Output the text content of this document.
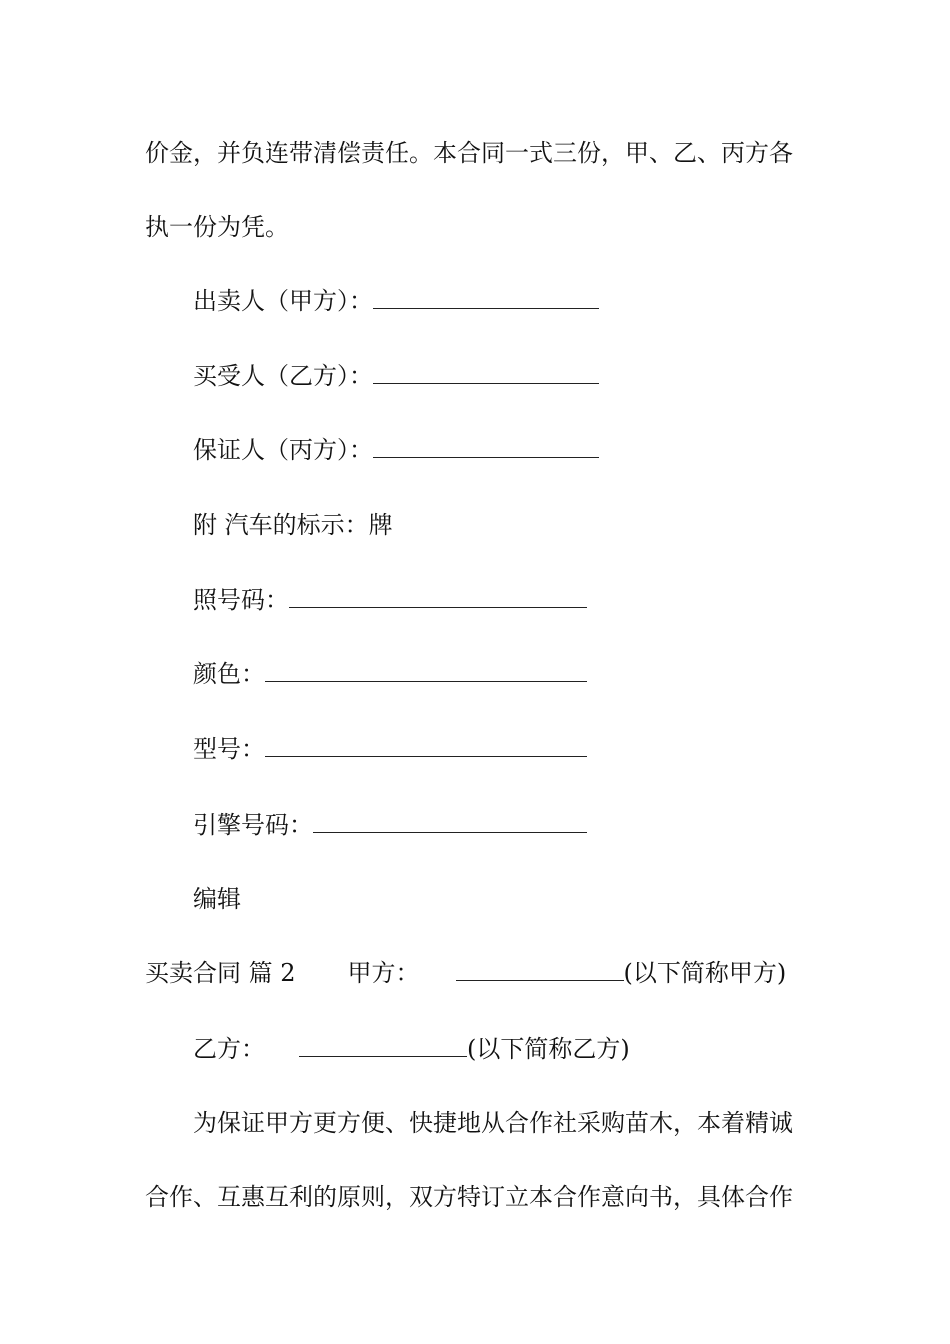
价金，并负连带清偿责任。本合同一式三份，甲、乙、丙方各
执一份为凭。
出卖人（甲方）：
买受人（乙方）：
保证人（丙方）：
附 汽车的标示：牌
照号码：
颜色：
型号：
引擎号码：
编辑
买卖合同 篇 2 甲方：	(以下简称甲方)
乙方：	(以下简称乙方)
为保证甲方更方便、快捷地从合作社采购苗木，本着精诚
合作、互惠互利的原则，双方特订立本合作意向书，具体合作
